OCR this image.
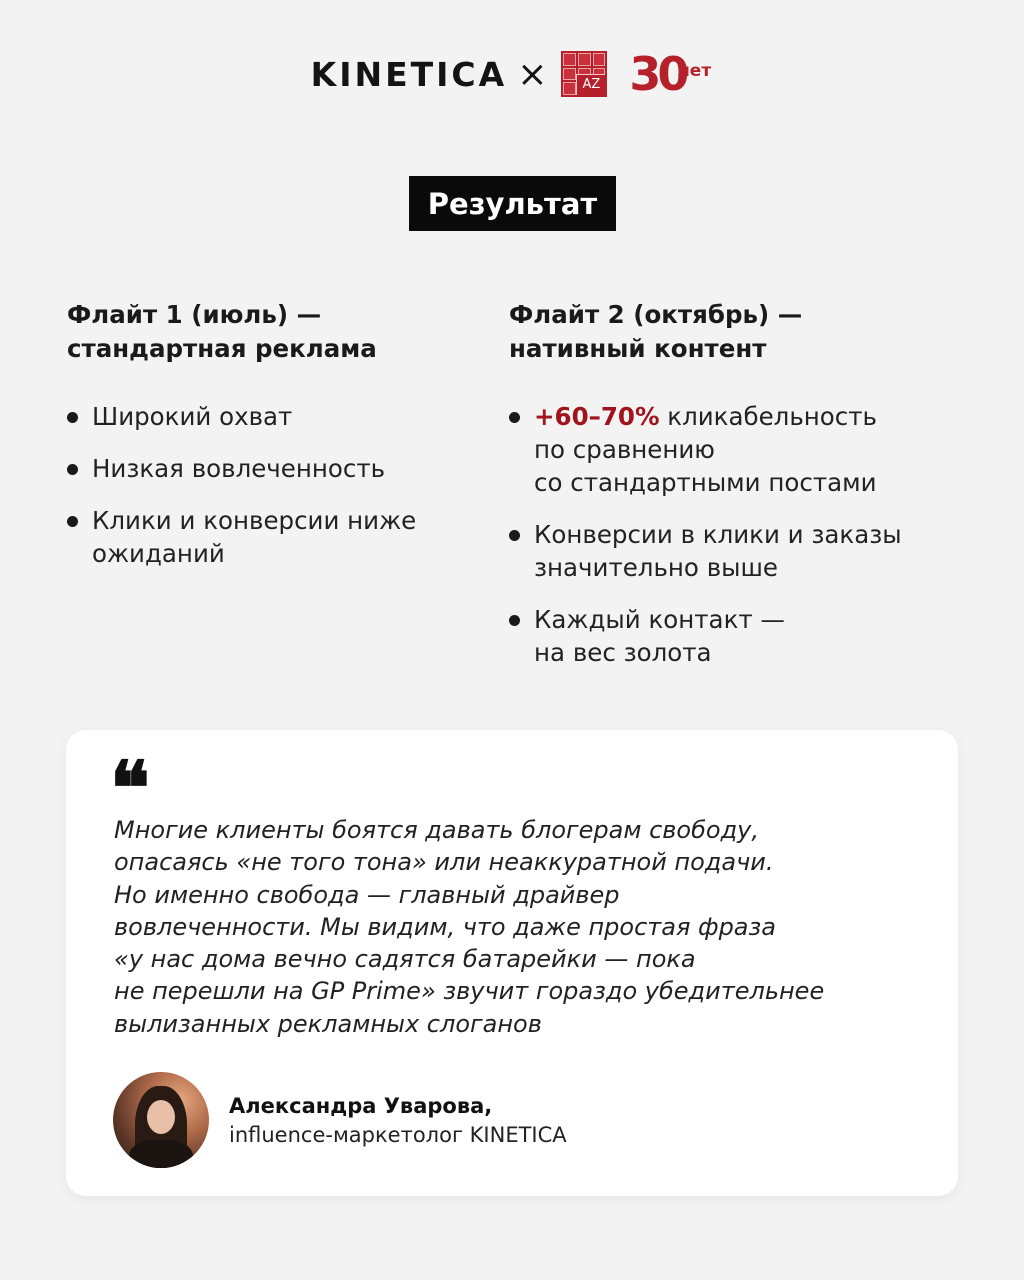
KINETICA ×	AZ 30
лет
Результат
Флайт 1 (июль) —
стандартная реклама
Широкий охват
Низкая вовлеченность
Клики и конверсии ниже
ожиданий
Флайт 2 (октябрь) —
нативный контент
+60–70% кликабельность
по сравнению
со стандартными постами
Конверсии в клики и заказы
значительно выше
Каждый контакт —
на вес золота
❝
Многие клиенты боятся давать блогерам свободу,
опасаясь «не того тона» или неаккуратной подачи.
Но именно свобода — главный драйвер
вовлеченности. Мы видим, что даже простая фраза
«у нас дома вечно садятся батарейки — пока
не перешли на GP Prime» звучит гораздо убедительнее
вылизанных рекламных слоганов
Александра Уварова,
influence-маркетолог KINETICA
